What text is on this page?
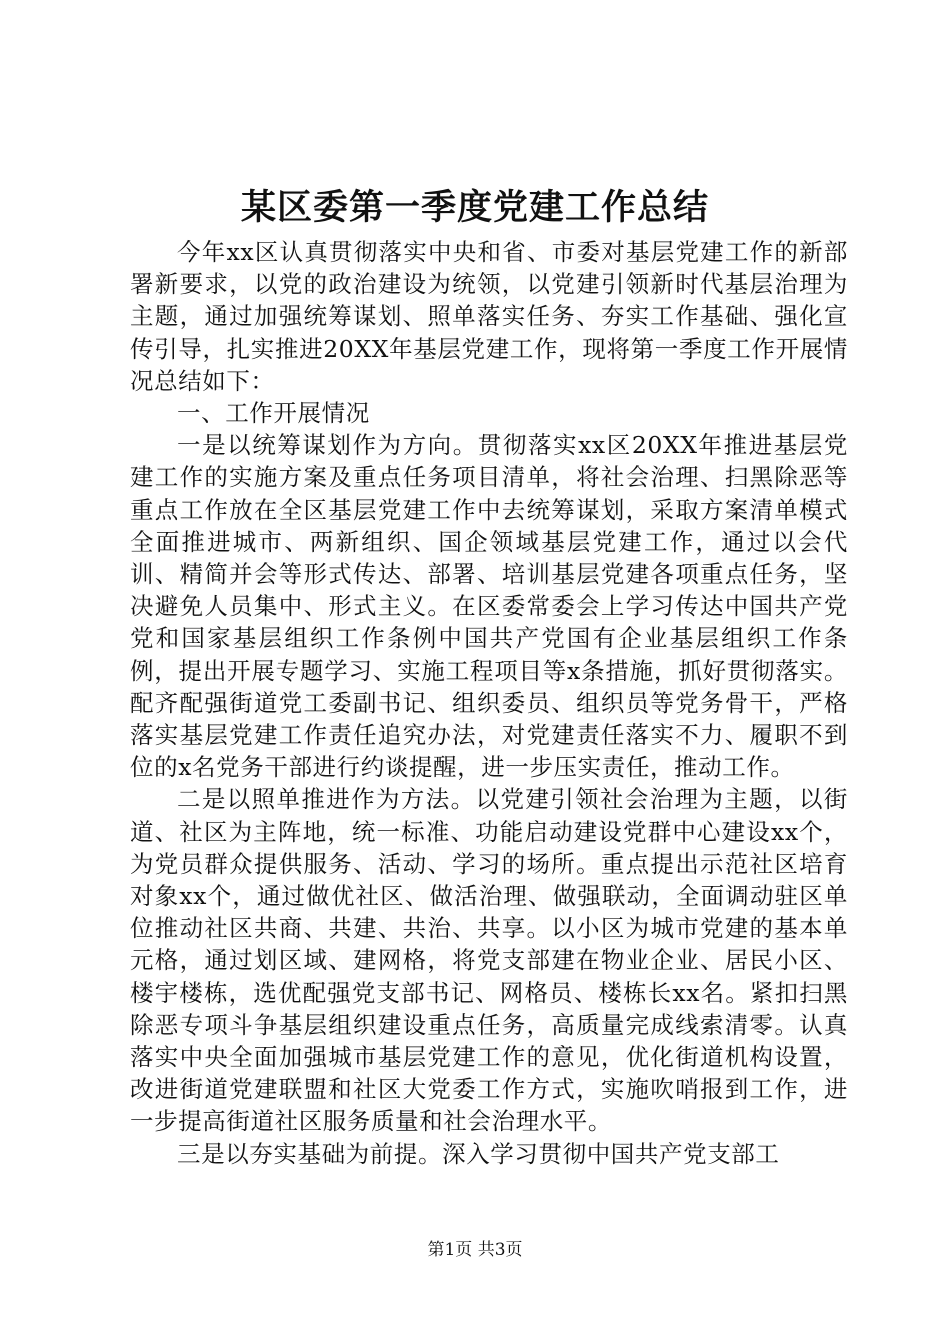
某区委第一季度党建工作总结

今年xx区认真贯彻落实中央和省、市委对基层党建工作的新部署新要求，以党的政治建设为统领，以党建引领新时代基层治理为主题，通过加强统筹谋划、照单落实任务、夯实工作基础、强化宣传引导，扎实推进20XX年基层党建工作，现将第一季度工作开展情况总结如下：

一、工作开展情况

一是以统筹谋划作为方向。贯彻落实xx区20XX年推进基层党建工作的实施方案及重点任务项目清单，将社会治理、扫黑除恶等重点工作放在全区基层党建工作中去统筹谋划，采取方案清单模式全面推进城市、两新组织、国企领域基层党建工作，通过以会代训、精简并会等形式传达、部署、培训基层党建各项重点任务，坚决避免人员集中、形式主义。在区委常委会上学习传达中国共产党党和国家基层组织工作条例中国共产党国有企业基层组织工作条例，提出开展专题学习、实施工程项目等x条措施，抓好贯彻落实。配齐配强街道党工委副书记、组织委员、组织员等党务骨干，严格落实基层党建工作责任追究办法，对党建责任落实不力、履职不到位的x名党务干部进行约谈提醒，进一步压实责任，推动工作。

二是以照单推进作为方法。以党建引领社会治理为主题，以街道、社区为主阵地，统一标准、功能启动建设党群中心建设xx个，为党员群众提供服务、活动、学习的场所。重点提出示范社区培育对象xx个，通过做优社区、做活治理、做强联动，全面调动驻区单位推动社区共商、共建、共治、共享。以小区为城市党建的基本单元格，通过划区域、建网格，将党支部建在物业企业、居民小区、楼宇楼栋，选优配强党支部书记、网格员、楼栋长xx名。紧扣扫黑除恶专项斗争基层组织建设重点任务，高质量完成线索清零。认真落实中央全面加强城市基层党建工作的意见，优化街道机构设置，改进街道党建联盟和社区大党委工作方式，实施吹哨报到工作，进一步提高街道社区服务质量和社会治理水平。

三是以夯实基础为前提。深入学习贯彻中国共产党支部工

第1页 共3页
